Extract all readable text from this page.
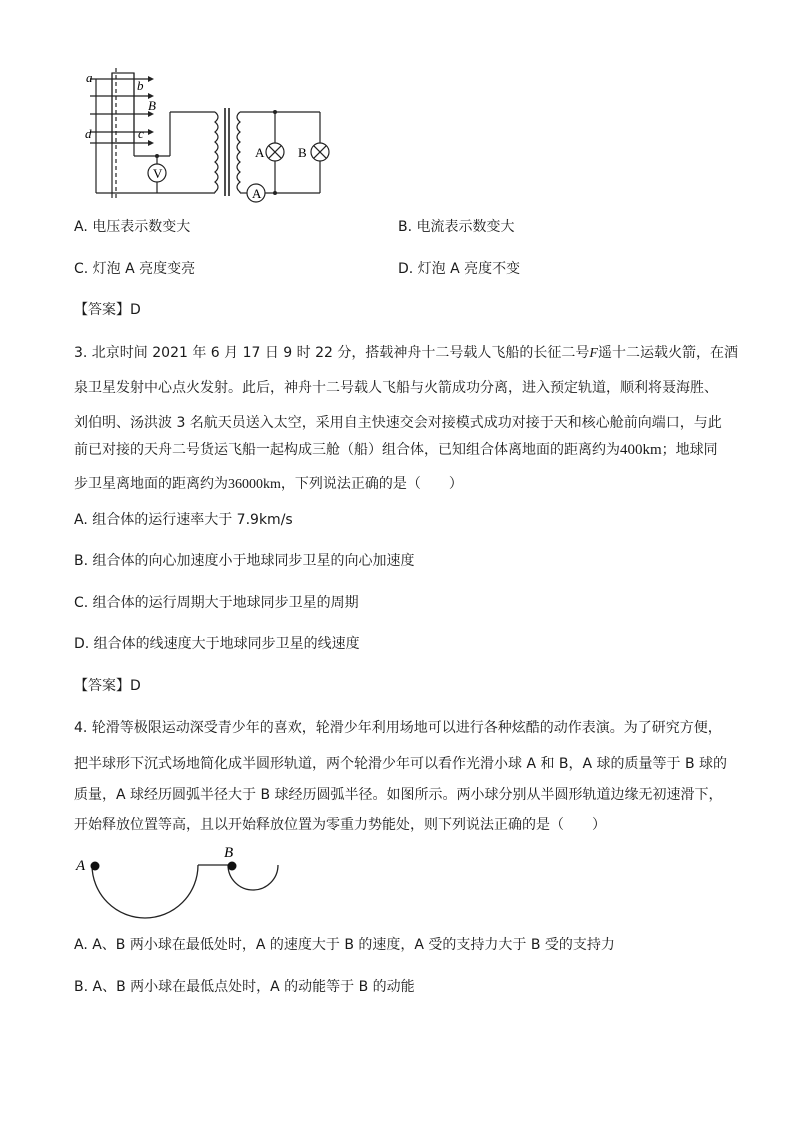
a
b
B
d	c
V
A
A	B
A. 电压表示数变大	B. 电流表示数变大
C. 灯泡 A 亮度变亮	D. 灯泡 A 亮度不变
【答案】D
3. 北京时间 2021 年 6 月 17 日 9 时 22 分，搭载神舟十二号载人飞船的长征二号F遥十二运载火箭，在酒
泉卫星发射中心点火发射。此后，神舟十二号载人飞船与火箭成功分离，进入预定轨道，顺利将聂海胜、
刘伯明、汤洪波 3 名航天员送入太空，采用自主快速交会对接模式成功对接于天和核心舱前向端口，与此
前已对接的天舟二号货运飞船一起构成三舱（船）组合体，已知组合体离地面的距离约为400km；地球同
步卫星离地面的距离约为36000km，下列说法正确的是（　　）
A. 组合体的运行速率大于 7.9km/s
B. 组合体的向心加速度小于地球同步卫星的向心加速度
C. 组合体的运行周期大于地球同步卫星的周期
D. 组合体的线速度大于地球同步卫星的线速度
【答案】D
4. 轮滑等极限运动深受青少年的喜欢，轮滑少年利用场地可以进行各种炫酷的动作表演。为了研究方便，
把半球形下沉式场地简化成半圆形轨道，两个轮滑少年可以看作光滑小球 A 和 B，A 球的质量等于 B 球的
质量，A 球经历圆弧半径大于 B 球经历圆弧半径。如图所示。两小球分别从半圆形轨道边缘无初速滑下，
开始释放位置等高，且以开始释放位置为零重力势能处，则下列说法正确的是（　　）
A
B
A. A、B 两小球在最低处时，A 的速度大于 B 的速度，A 受的支持力大于 B 受的支持力
B. A、B 两小球在最低点处时，A 的动能等于 B 的动能
